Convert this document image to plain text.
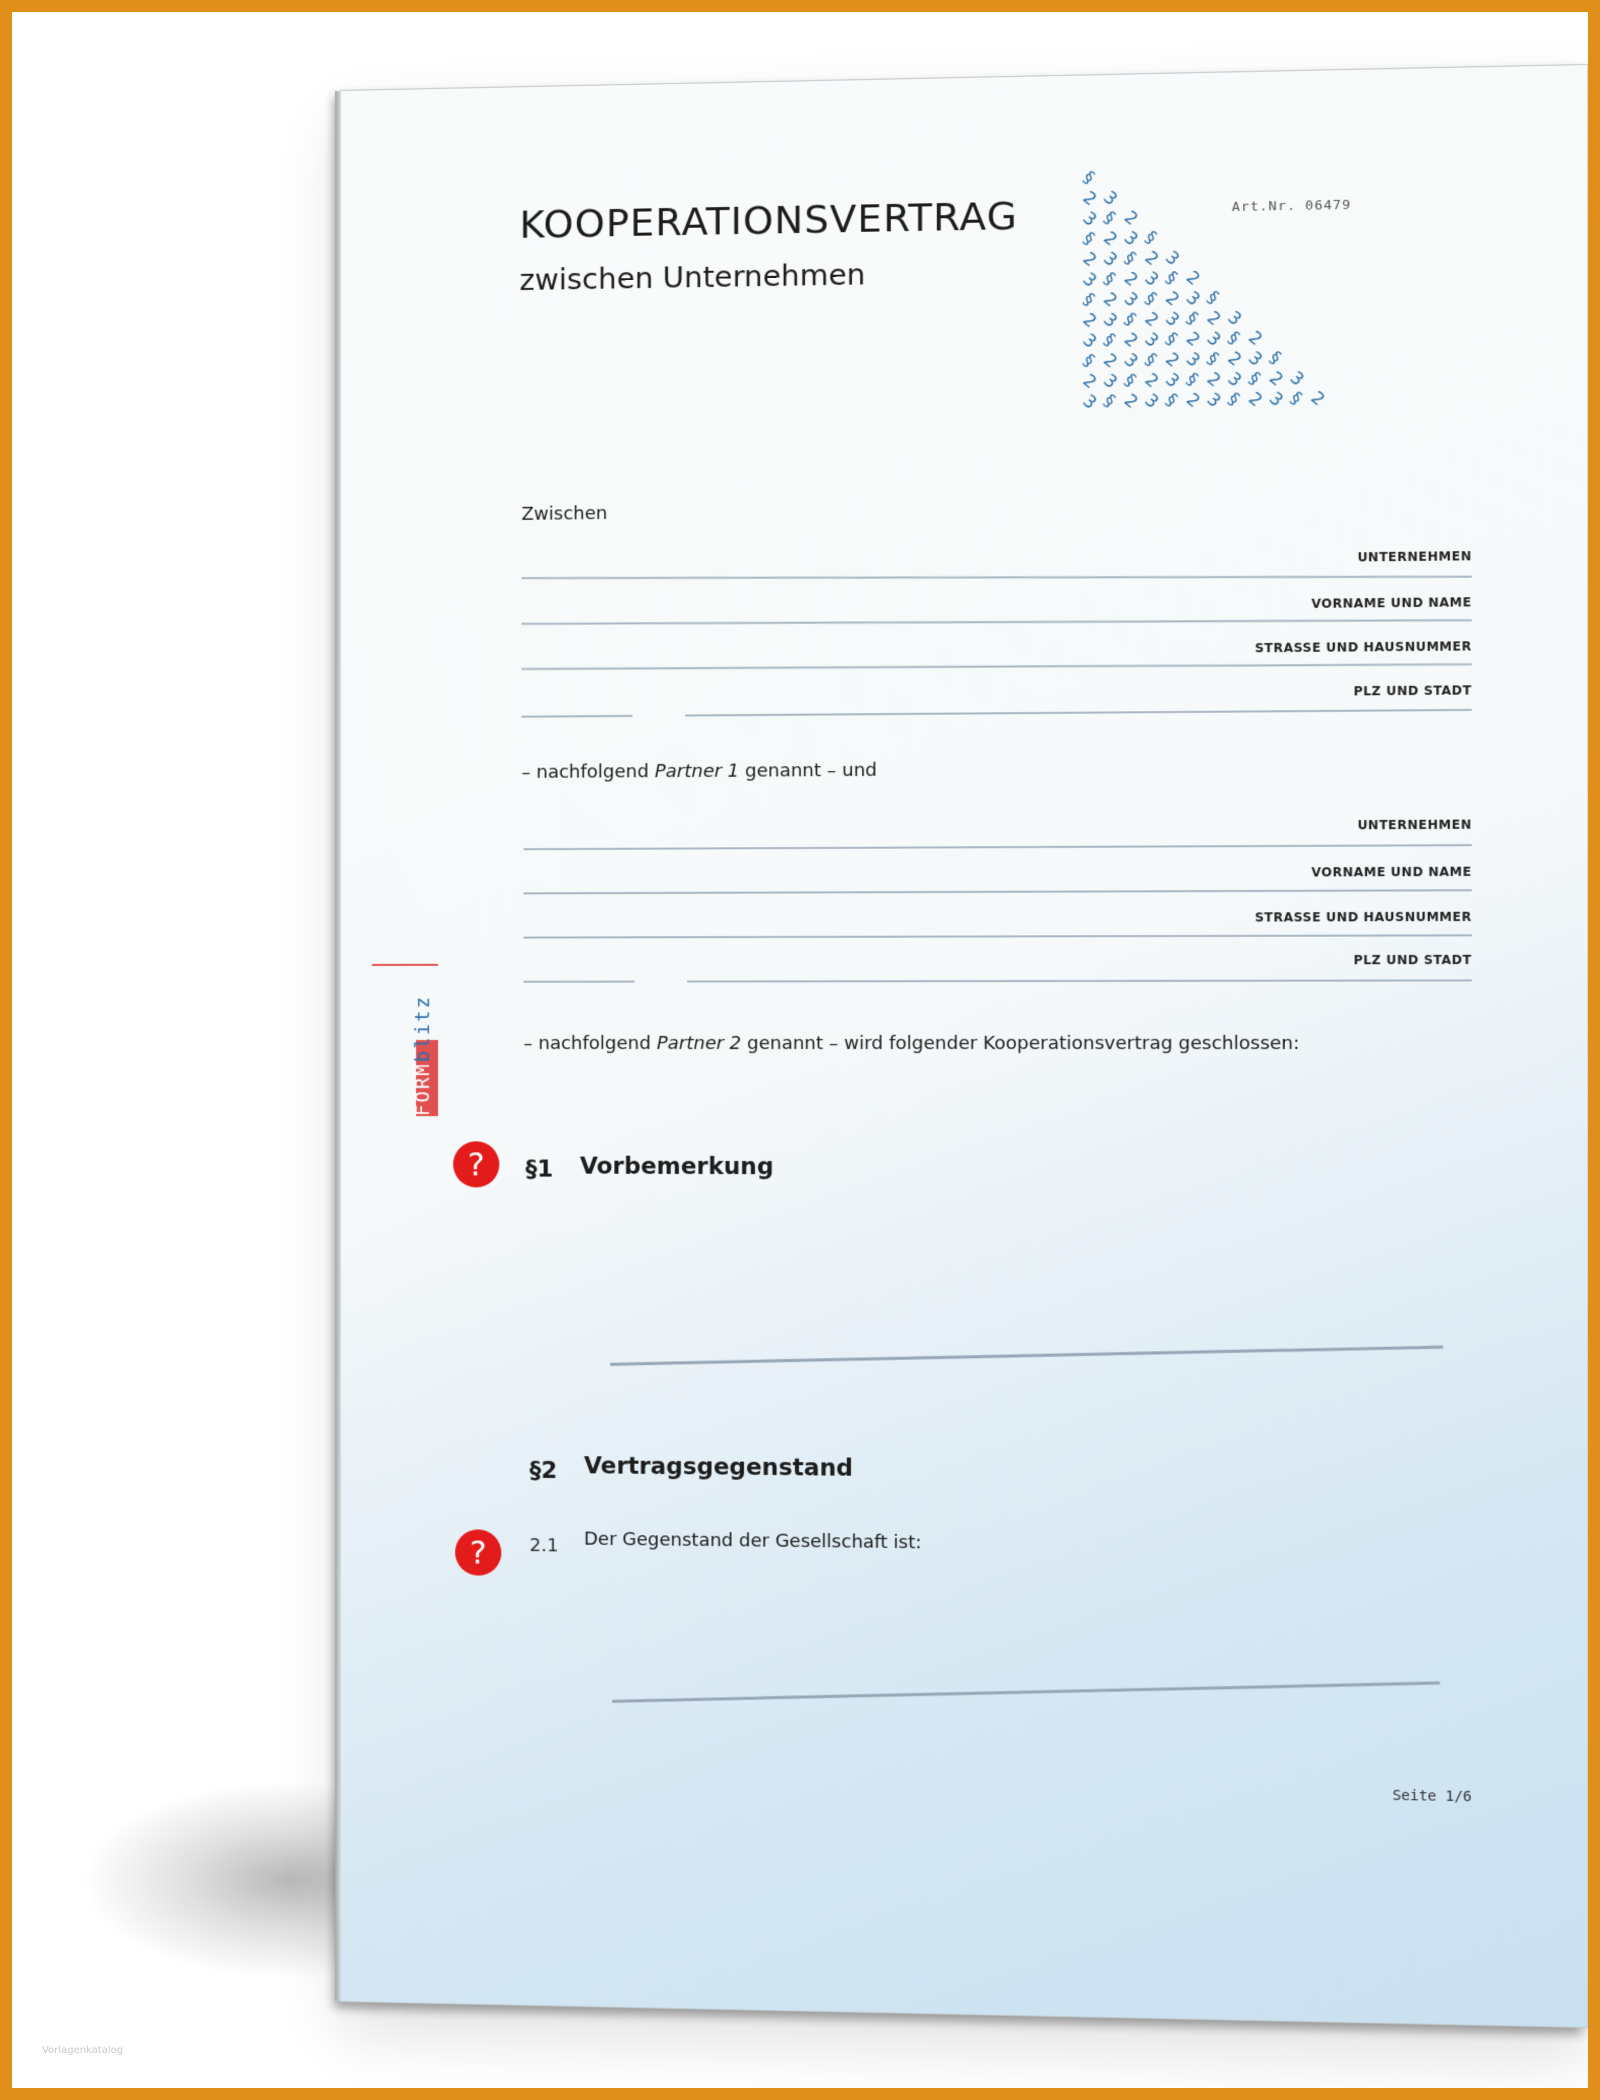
KOOPERATIONSVERTRAG
zwischen Unternehmen
§
2
3
3
§ 2
§ 2
3
§
2
3
§ 2
3
3
§ 2
3
§ 2
§ 2
3
§ 2
3
§
2
3
§ 2
3
§ 2
3
3
§ 2
3
§ 2
3
§ 2
§ 2
3
§ 2
3
§ 2
3
§
2
3
§ 2
3
§ 2
3
§ 2
3
3
§ 2
3
§ 2
3
§ 2
3
§ 2
Art.Nr. 06479
Zwischen
UNTERNEHMEN
VORNAME UND NAME
STRASSE UND HAUSNUMMER
PLZ UND STADT
– nachfolgend Partner 1 genannt – und
UNTERNEHMEN
VORNAME UND NAME
STRASSE UND HAUSNUMMER
PLZ UND STADT
– nachfolgend Partner 2 genannt – wird folgender Kooperationsvertrag geschlossen:
FORMblitz
?	§1 Vorbemerkung
§2 Vertragsgegenstand
?	2.1 Der Gegenstand der Gesellschaft ist:
Seite 1/6
Vorlagenkatalog
